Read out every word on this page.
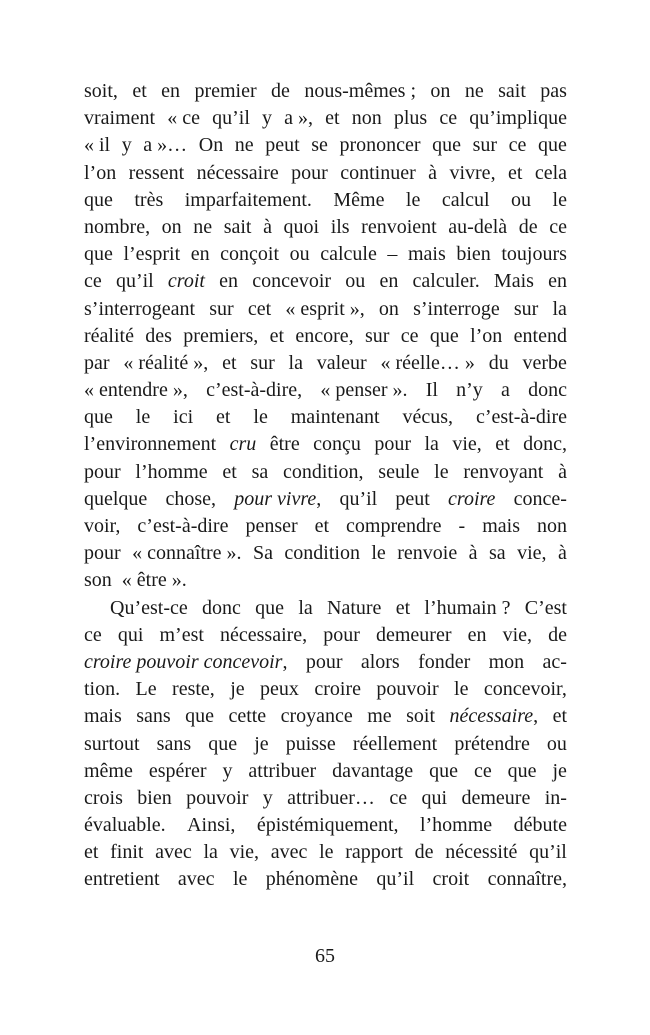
soit, et en premier de nous-mêmes ; on ne sait pas
vraiment « ce qu’il y a », et non plus ce qu’implique
« il y a »… On ne peut se prononcer que sur ce que
l’on ressent nécessaire pour continuer à vivre, et cela
que très imparfaitement. Même le calcul ou le
nombre, on ne sait à quoi ils renvoient au-delà de ce
que l’esprit en conçoit ou calcule – mais bien toujours
ce qu’il croit en concevoir ou en calculer. Mais en
s’interrogeant sur cet « esprit », on s’interroge sur la
réalité des premiers, et encore, sur ce que l’on entend
par « réalité », et sur la valeur « réelle… » du verbe
« entendre », c’est-à-dire, « penser ». Il n’y a donc
que le ici et le maintenant vécus, c’est-à-dire
l’environnement cru être conçu pour la vie, et donc,
pour l’homme et sa condition, seule le renvoyant à
quelque chose, pour vivre, qu’il peut croire conce-
voir, c’est-à-dire penser et comprendre - mais non
pour « connaître ». Sa condition le renvoie à sa vie, à
son « être ».
Qu’est-ce donc que la Nature et l’humain ? C’est
ce qui m’est nécessaire, pour demeurer en vie, de
croire pouvoir concevoir, pour alors fonder mon ac-
tion. Le reste, je peux croire pouvoir le concevoir,
mais sans que cette croyance me soit nécessaire, et
surtout sans que je puisse réellement prétendre ou
même espérer y attribuer davantage que ce que je
crois bien pouvoir y attribuer… ce qui demeure in-
évaluable. Ainsi, épistémiquement, l’homme débute
et finit avec la vie, avec le rapport de nécessité qu’il
entretient avec le phénomène qu’il croit connaître,
65
